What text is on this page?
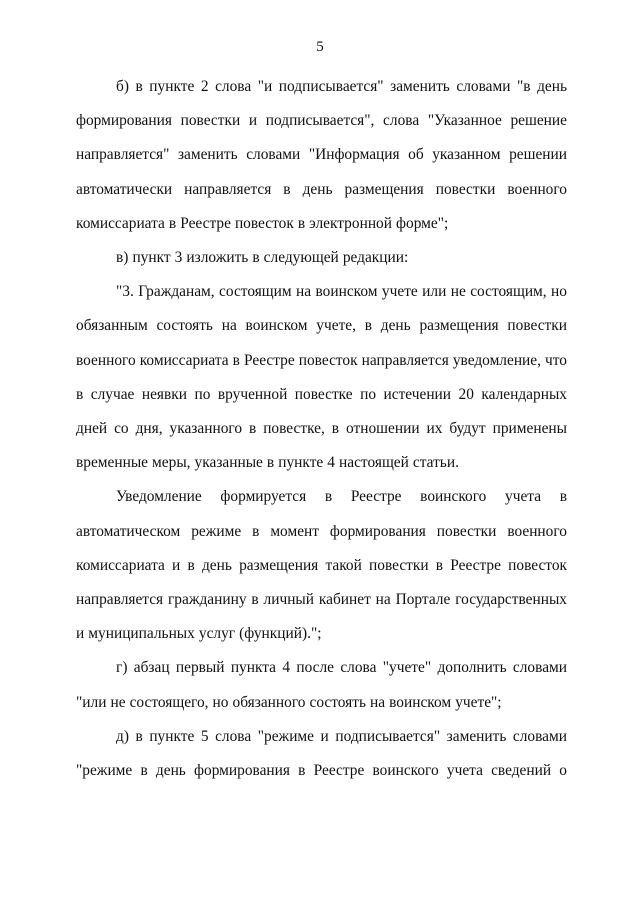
5

б) в пункте 2 слова "и подписывается" заменить словами "в день формирования повестки и подписывается", слова "Указанное решение направляется" заменить словами "Информация об указанном решении автоматически направляется в день размещения повестки военного комиссариата в Реестре повесток в электронной форме";

в) пункт 3 изложить в следующей редакции:

"3. Гражданам, состоящим на воинском учете или не состоящим, но обязанным состоять на воинском учете, в день размещения повестки военного комиссариата в Реестре повесток направляется уведомление, что в случае неявки по врученной повестке по истечении 20 календарных дней со дня, указанного в повестке, в отношении их будут применены временные меры, указанные в пункте 4 настоящей статьи.

Уведомление формируется в Реестре воинского учета в автоматическом режиме в момент формирования повестки военного комиссариата и в день размещения такой повестки в Реестре повесток направляется гражданину в личный кабинет на Портале государственных и муниципальных услуг (функций).";

г) абзац первый пункта 4 после слова "учете" дополнить словами "или не состоящего, но обязанного состоять на воинском учете";

д) в пункте 5 слова "режиме и подписывается" заменить словами "режиме в день формирования в Реестре воинского учета сведений о
